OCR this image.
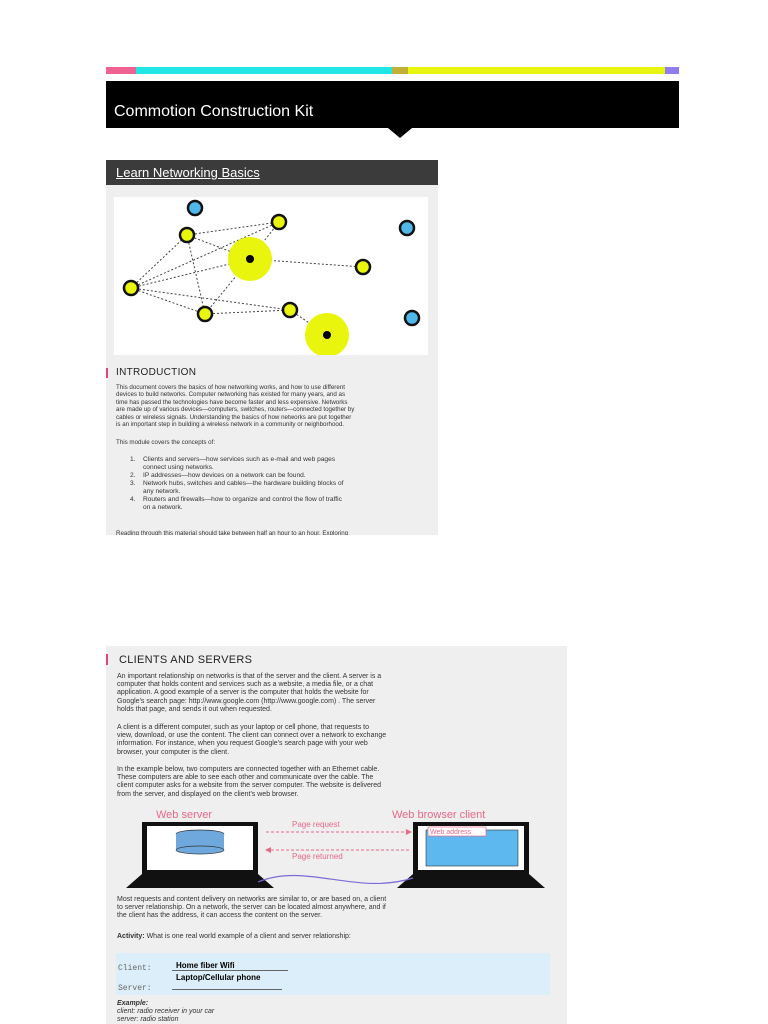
Commotion Construction Kit
Learn Networking Basics
INTRODUCTION
This document covers the basics of how networking works, and how to use different
devices to build networks. Computer networking has existed for many years, and as
time has passed the technologies have become faster and less expensive. Networks
are made up of various devices—computers, switches, routers—connected together by
cables or wireless signals. Understanding the basics of how networks are put together
is an important step in building a wireless network in a community or neighborhood.
This module covers the concepts of:
1. Clients and servers—how services such as e-mail and web pages
connect using networks.
2. IP addresses—how devices on a network can be found.
3. Network hubs, switches and cables—the hardware building blocks of
any network.
4. Routers and firewalls—how to organize and control the flow of traffic
on a network.
Reading through this material should take between half an hour to an hour. Exploring
CLIENTS AND SERVERS
An important relationship on networks is that of the server and the client. A server is a
computer that holds content and services such as a website, a media file, or a chat
application. A good example of a server is the computer that holds the website for
Google's search page: http://www.google.com (http://www.google.com) . The server
holds that page, and sends it out when requested.
A client is a different computer, such as your laptop or cell phone, that requests to
view, download, or use the content. The client can connect over a network to exchange
information. For instance, when you request Google's search page with your web
browser, your computer is the client.
In the example below, two computers are connected together with an Ethernet cable.
These computers are able to see each other and communicate over the cable. The
client computer asks for a website from the server computer. The website is delivered
from the server, and displayed on the client's web browser.
Web server	Web browser client
Page request
Page returned
Web address
Most requests and content delivery on networks are similar to, or are based on, a client
to server relationship. On a network, the server can be located almost anywhere, and if
the client has the address, it can access the content on the server.
Activity: What is one real world example of a client and server relationship:
Client:	Home fiber Wifi
Laptop/Cellular phone
Server:
Example:
client: radio receiver in your car
server: radio station
